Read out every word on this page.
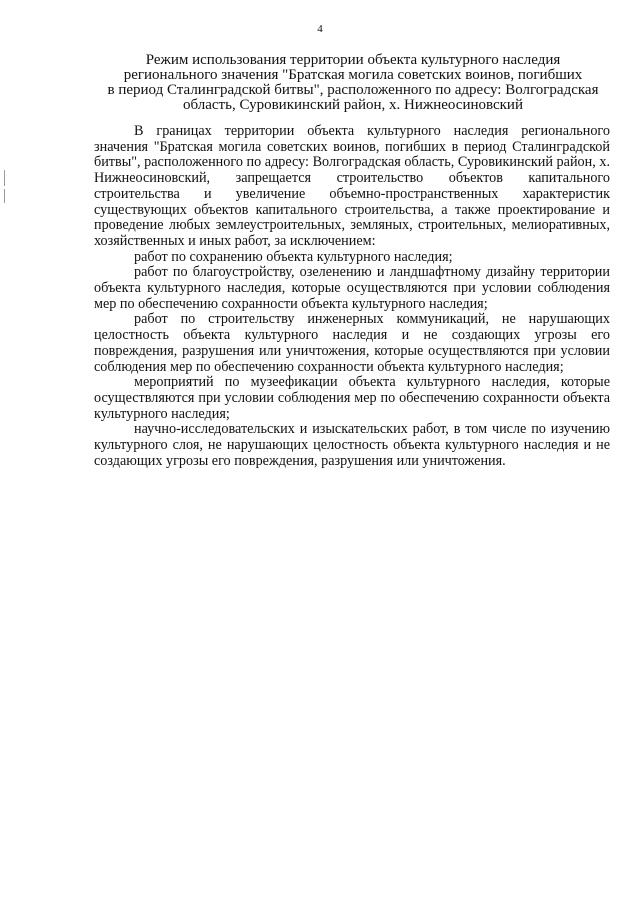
4
Режим использования территории объекта культурного наследия
регионального значения "Братская могила советских воинов, погибших
в период Сталинградской битвы", расположенного по адресу: Волгоградская
область, Суровикинский район, х. Нижнеосиновский

В границах территории объекта культурного наследия регионального значения "Братская могила советских воинов, погибших в период Сталинградской битвы", расположенного по адресу: Волгоградская область, Суровикинский район, х. Нижнеосиновский, запрещается строительство объектов капитального строительства и увеличение объемно-пространственных характеристик существующих объектов капитального строительства, а также проектирование и проведение любых землеустроительных, земляных, строительных, мелиоративных, хозяйственных и иных работ, за исключением:

работ по сохранению объекта культурного наследия;

работ по благоустройству, озеленению и ландшафтному дизайну территории объекта культурного наследия, которые осуществляются при условии соблюдения мер по обеспечению сохранности объекта культурного наследия;

работ по строительству инженерных коммуникаций, не нарушающих целостность объекта культурного наследия и не создающих угрозы его повреждения, разрушения или уничтожения, которые осуществляются при условии соблюдения мер по обеспечению сохранности объекта культурного наследия;

мероприятий по музеефикации объекта культурного наследия, которые осуществляются при условии соблюдения мер по обеспечению сохранности объекта культурного наследия;

научно-исследовательских и изыскательских работ, в том числе по изучению культурного слоя, не нарушающих целостность объекта культурного наследия и не создающих угрозы его повреждения, разрушения или уничтожения.
